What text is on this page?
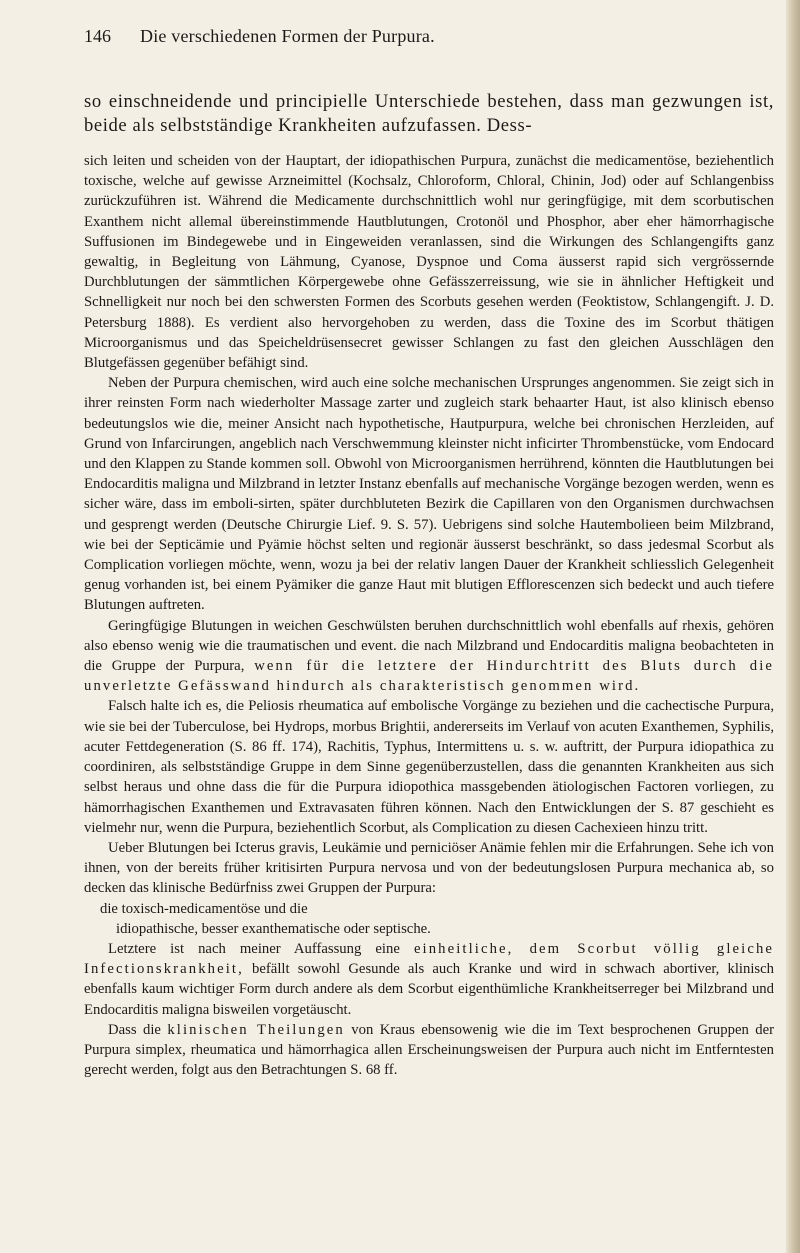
146 Die verschiedenen Formen der Purpura.

so einschneidende und principielle Unterschiede bestehen, dass man gezwungen ist, beide als selbstständige Krankheiten aufzufassen. Dess-

sich leiten und scheiden von der Hauptart, der idiopathischen Purpura, zunächst die medicamentöse, beziehentlich toxische, welche auf gewisse Arzneimittel (Kochsalz, Chloroform, Chloral, Chinin, Jod) oder auf Schlangenbiss zurückzuführen ist. Während die Medicamente durchschnittlich wohl nur geringfügige, mit dem scorbutischen Exanthem nicht allemal übereinstimmende Hautblutungen, Crotonöl und Phosphor, aber eher hämorrhagische Suffusionen im Bindegewebe und in Eingeweiden veranlassen, sind die Wirkungen des Schlangengifts ganz gewaltig, in Begleitung von Lähmung, Cyanose, Dyspnoe und Coma äusserst rapid sich vergrössernde Durchblutungen der sämmtlichen Körpergewebe ohne Gefässzerreissung, wie sie in ähnlicher Heftigkeit und Schnelligkeit nur noch bei den schwersten Formen des Scorbuts gesehen werden (Feoktistow, Schlangengift. J. D. Petersburg 1888). Es verdient also hervorgehoben zu werden, dass die Toxine des im Scorbut thätigen Microorganismus und das Speicheldrüsensecret gewisser Schlangen zu fast den gleichen Ausschlägen den Blutgefässen gegenüber befähigt sind.

Neben der Purpura chemischen, wird auch eine solche mechanischen Ursprunges angenommen. Sie zeigt sich in ihrer reinsten Form nach wiederholter Massage zarter und zugleich stark behaarter Haut, ist also klinisch ebenso bedeutungslos wie die, meiner Ansicht nach hypothetische, Hautpurpura, welche bei chronischen Herzleiden, auf Grund von Infarcirungen, angeblich nach Verschwemmung kleinster nicht inficirter Thrombenstücke, vom Endocard und den Klappen zu Stande kommen soll. Obwohl von Microorganismen herrührend, könnten die Hautblutungen bei Endocarditis maligna und Milzbrand in letzter Instanz ebenfalls auf mechanische Vorgänge bezogen werden, wenn es sicher wäre, dass im emboli-sirten, später durchbluteten Bezirk die Capillaren von den Organismen durchwachsen und gesprengt werden (Deutsche Chirurgie Lief. 9. S. 57). Uebrigens sind solche Hautembolieen beim Milzbrand, wie bei der Septicämie und Pyämie höchst selten und regionär äusserst beschränkt, so dass jedesmal Scorbut als Complication vorliegen möchte, wenn, wozu ja bei der relativ langen Dauer der Krankheit schliesslich Gelegenheit genug vorhanden ist, bei einem Pyämiker die ganze Haut mit blutigen Efflorescenzen sich bedeckt und auch tiefere Blutungen auftreten.

Geringfügige Blutungen in weichen Geschwülsten beruhen durchschnittlich wohl ebenfalls auf rhexis, gehören also ebenso wenig wie die traumatischen und event. die nach Milzbrand und Endocarditis maligna beobachteten in die Gruppe der Purpura, wenn für die letztere der Hindurchtritt des Bluts durch die unverletzte Gefässwand hindurch als charakteristisch genommen wird.

Falsch halte ich es, die Peliosis rheumatica auf embolische Vorgänge zu beziehen und die cachectische Purpura, wie sie bei der Tuberculose, bei Hydrops, morbus Brightii, andererseits im Verlauf von acuten Exanthemen, Syphilis, acuter Fettdegeneration (S. 86 ff. 174), Rachitis, Typhus, Intermittens u. s. w. auftritt, der Purpura idiopathica zu coordiniren, als selbstständige Gruppe in dem Sinne gegenüberzustellen, dass die genannten Krankheiten aus sich selbst heraus und ohne dass die für die Purpura idiopothica massgebenden ätiologischen Factoren vorliegen, zu hämorrhagischen Exanthemen und Extravasaten führen können. Nach den Entwicklungen der S. 87 geschieht es vielmehr nur, wenn die Purpura, beziehentlich Scorbut, als Complication zu diesen Cachexieen hinzu tritt.

Ueber Blutungen bei Icterus gravis, Leukämie und perniciöser Anämie fehlen mir die Erfahrungen. Sehe ich von ihnen, von der bereits früher kritisirten Purpura nervosa und von der bedeutungslosen Purpura mechanica ab, so decken das klinische Bedürfniss zwei Gruppen der Purpura:

die toxisch-medicamentöse und die

idiopathische, besser exanthematische oder septische.

Letztere ist nach meiner Auffassung eine einheitliche, dem Scorbut völlig gleiche Infectionskrankheit, befällt sowohl Gesunde als auch Kranke und wird in schwach abortiver, klinisch ebenfalls kaum wichtiger Form durch andere als dem Scorbut eigenthümliche Krankheitserreger bei Milzbrand und Endocarditis maligna bisweilen vorgetäuscht.

Dass die klinischen Theilungen von Kraus ebensowenig wie die im Text besprochenen Gruppen der Purpura simplex, rheumatica und hämorrhagica allen Erscheinungsweisen der Purpura auch nicht im Entferntesten gerecht werden, folgt aus den Betrachtungen S. 68 ff.
